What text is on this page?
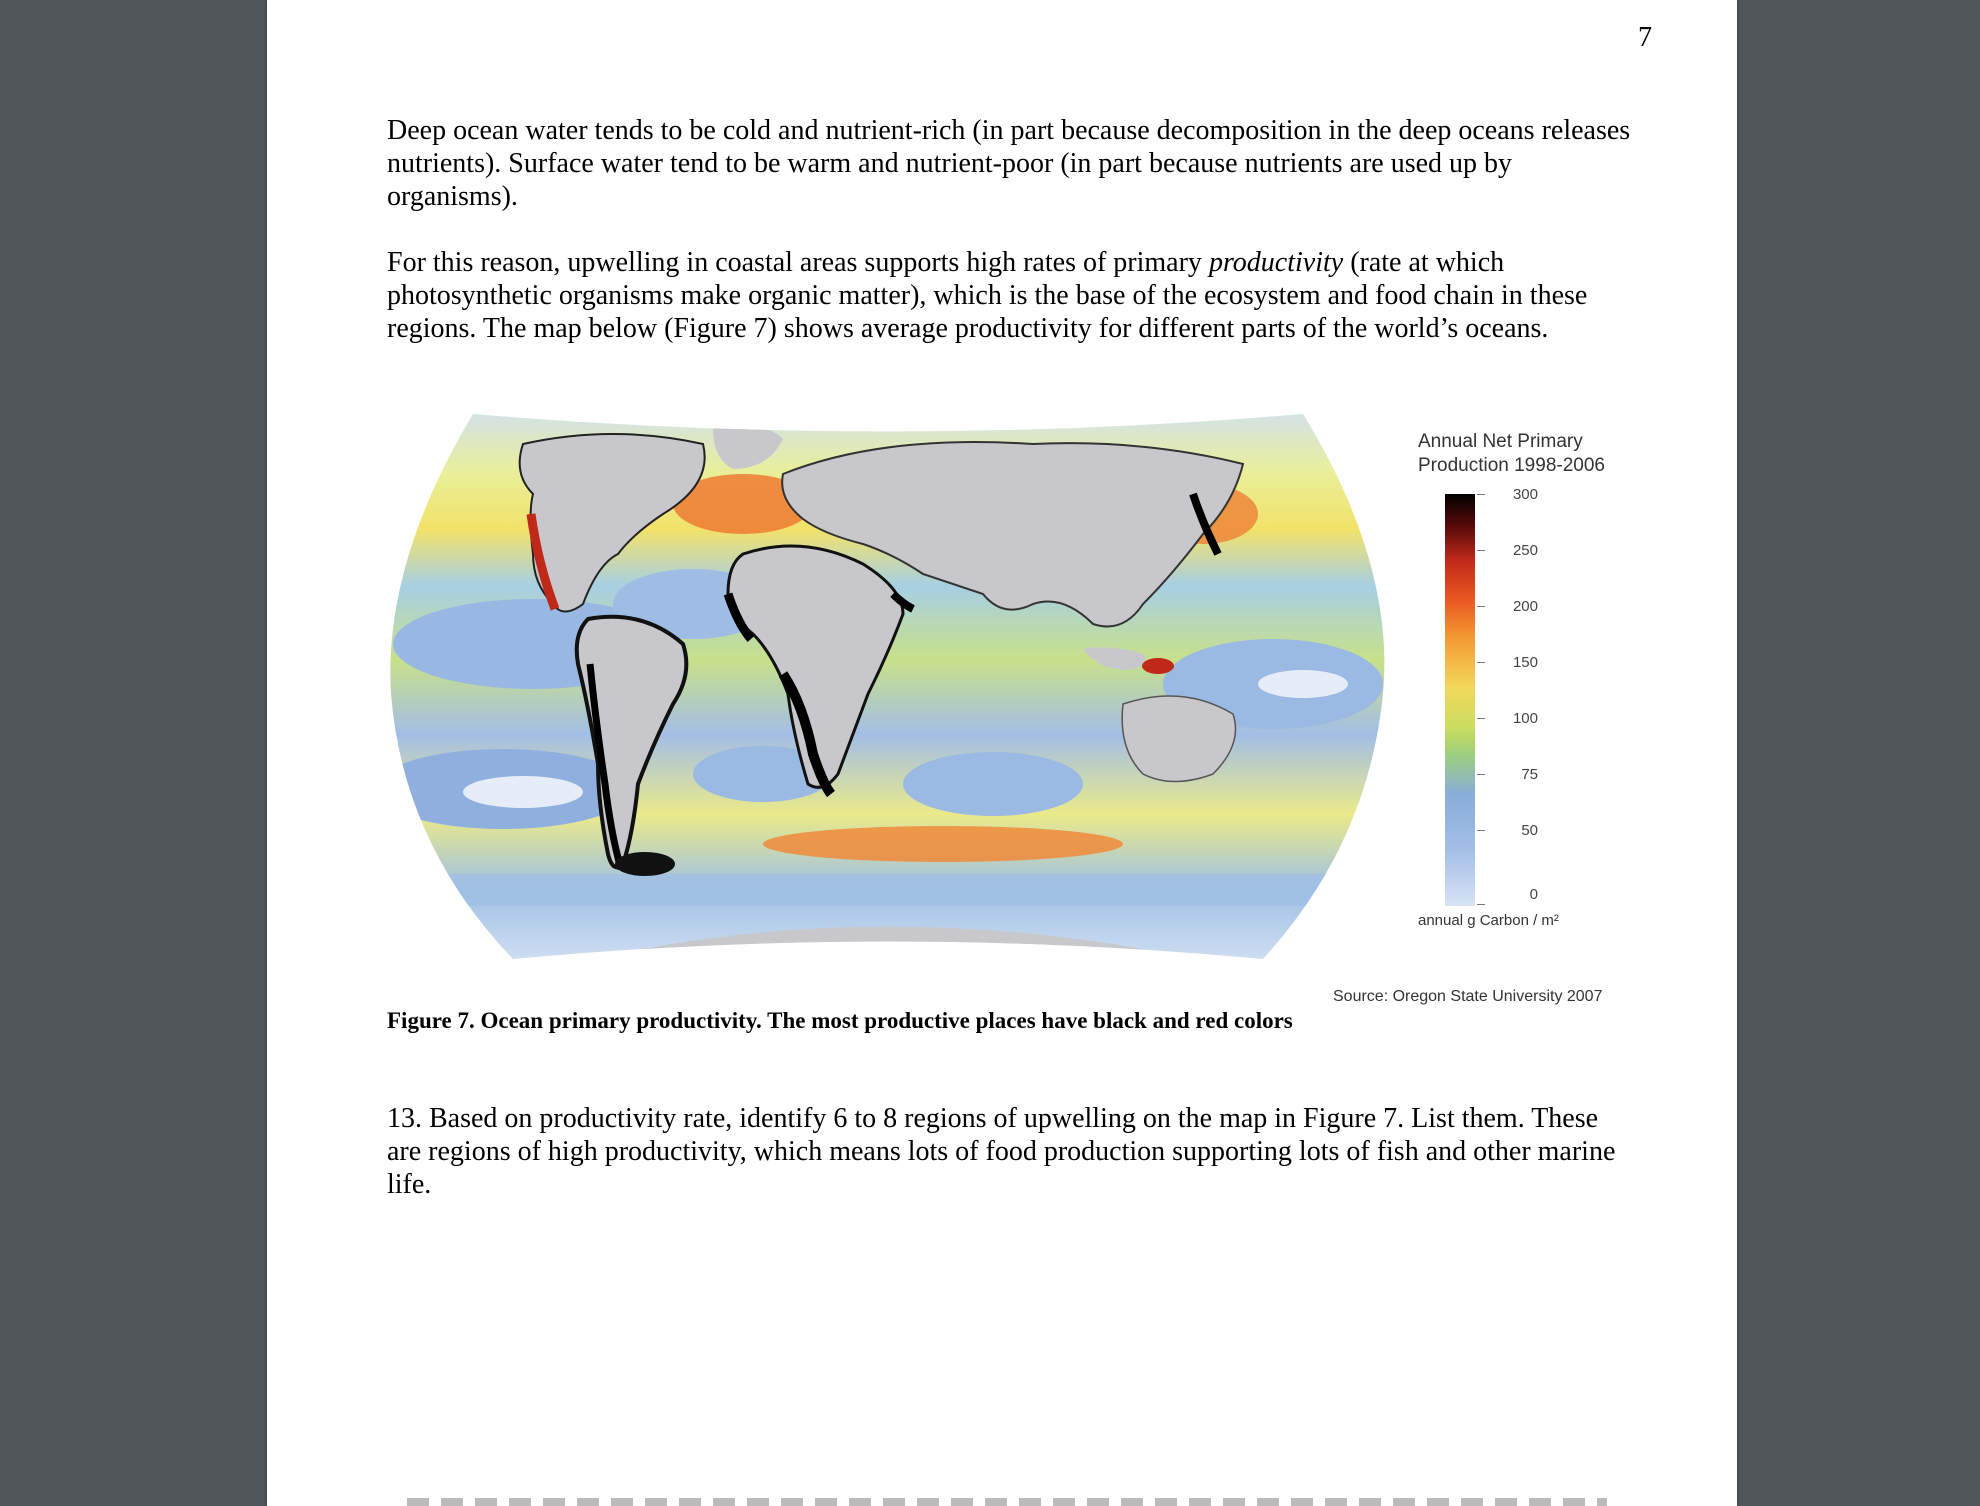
7

Deep ocean water tends to be cold and nutrient-rich (in part because decomposition in the deep oceans releases nutrients). Surface water tend to be warm and nutrient-poor (in part because nutrients are used up by organisms).

For this reason, upwelling in coastal areas supports high rates of primary productivity (rate at which photosynthetic organisms make organic matter), which is the base of the ecosystem and food chain in these regions. The map below (Figure 7) shows average productivity for different parts of the world’s oceans.

Annual Net Primary
Production 1998-2006
300
250
200
150
100
75
50
0
annual g Carbon / m²
Source: Oregon State University 2007
Figure 7. Ocean primary productivity. The most productive places have black and red colors

13. Based on productivity rate, identify 6 to 8 regions of upwelling on the map in Figure 7. List them. These are regions of high productivity, which means lots of food production supporting lots of fish and other marine life.
